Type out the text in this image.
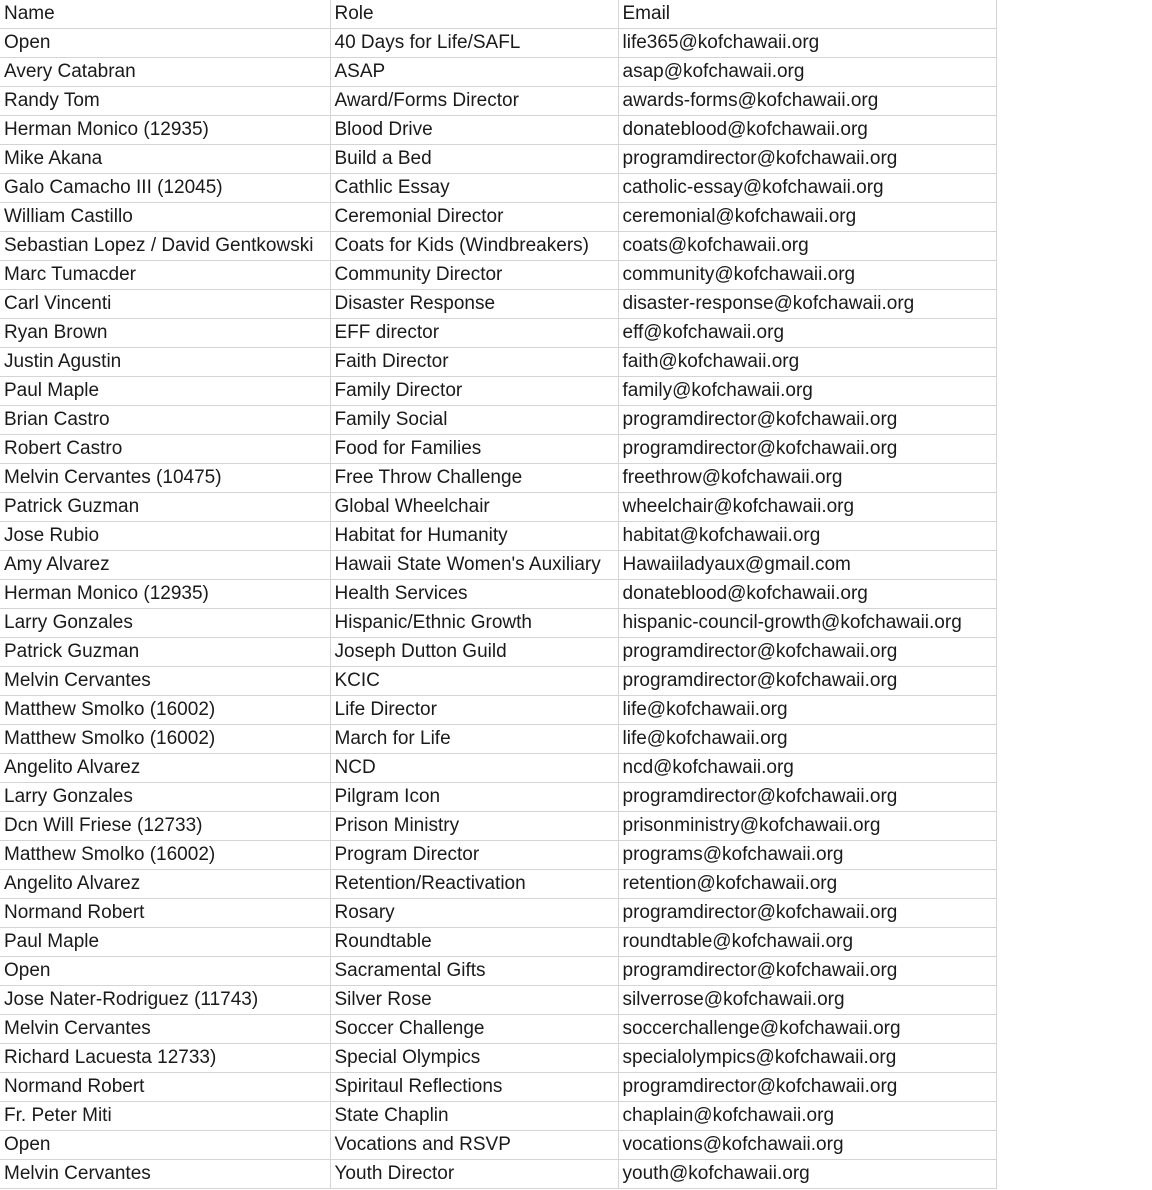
Name	Role	Email
Open	40 Days for Life/SAFL	life365@kofchawaii.org
Avery Catabran	ASAP	asap@kofchawaii.org
Randy Tom	Award/Forms Director	awards-forms@kofchawaii.org
Herman Monico (12935)	Blood Drive	donateblood@kofchawaii.org
Mike Akana	Build a Bed	programdirector@kofchawaii.org
Galo Camacho III (12045)	Cathlic Essay	catholic-essay@kofchawaii.org
William Castillo	Ceremonial Director	ceremonial@kofchawaii.org
Sebastian Lopez / David Gentkowski	Coats for Kids (Windbreakers)	coats@kofchawaii.org
Marc Tumacder	Community Director	community@kofchawaii.org
Carl Vincenti	Disaster Response	disaster-response@kofchawaii.org
Ryan Brown	EFF director	eff@kofchawaii.org
Justin Agustin	Faith Director	faith@kofchawaii.org
Paul Maple	Family Director	family@kofchawaii.org
Brian Castro	Family Social	programdirector@kofchawaii.org
Robert Castro	Food for Families	programdirector@kofchawaii.org
Melvin Cervantes (10475)	Free Throw Challenge	freethrow@kofchawaii.org
Patrick Guzman	Global Wheelchair	wheelchair@kofchawaii.org
Jose Rubio	Habitat for Humanity	habitat@kofchawaii.org
Amy Alvarez	Hawaii State Women's Auxiliary	Hawaiiladyaux@gmail.com
Herman Monico (12935)	Health Services	donateblood@kofchawaii.org
Larry Gonzales	Hispanic/Ethnic Growth	hispanic-council-growth@kofchawaii.org
Patrick Guzman	Joseph Dutton Guild	programdirector@kofchawaii.org
Melvin Cervantes	KCIC	programdirector@kofchawaii.org
Matthew Smolko (16002)	Life Director	life@kofchawaii.org
Matthew Smolko (16002)	March for Life	life@kofchawaii.org
Angelito Alvarez	NCD	ncd@kofchawaii.org
Larry Gonzales	Pilgram Icon	programdirector@kofchawaii.org
Dcn Will Friese (12733)	Prison Ministry	prisonministry@kofchawaii.org
Matthew Smolko (16002)	Program Director	programs@kofchawaii.org
Angelito Alvarez	Retention/Reactivation	retention@kofchawaii.org
Normand Robert	Rosary	programdirector@kofchawaii.org
Paul Maple	Roundtable	roundtable@kofchawaii.org
Open	Sacramental Gifts	programdirector@kofchawaii.org
Jose Nater-Rodriguez (11743)	Silver Rose	silverrose@kofchawaii.org
Melvin Cervantes	Soccer Challenge	soccerchallenge@kofchawaii.org
Richard Lacuesta 12733)	Special Olympics	specialolympics@kofchawaii.org
Normand Robert	Spiritaul Reflections	programdirector@kofchawaii.org
Fr. Peter Miti	State Chaplin	chaplain@kofchawaii.org
Open	Vocations and RSVP	vocations@kofchawaii.org
Melvin Cervantes	Youth Director	youth@kofchawaii.org
